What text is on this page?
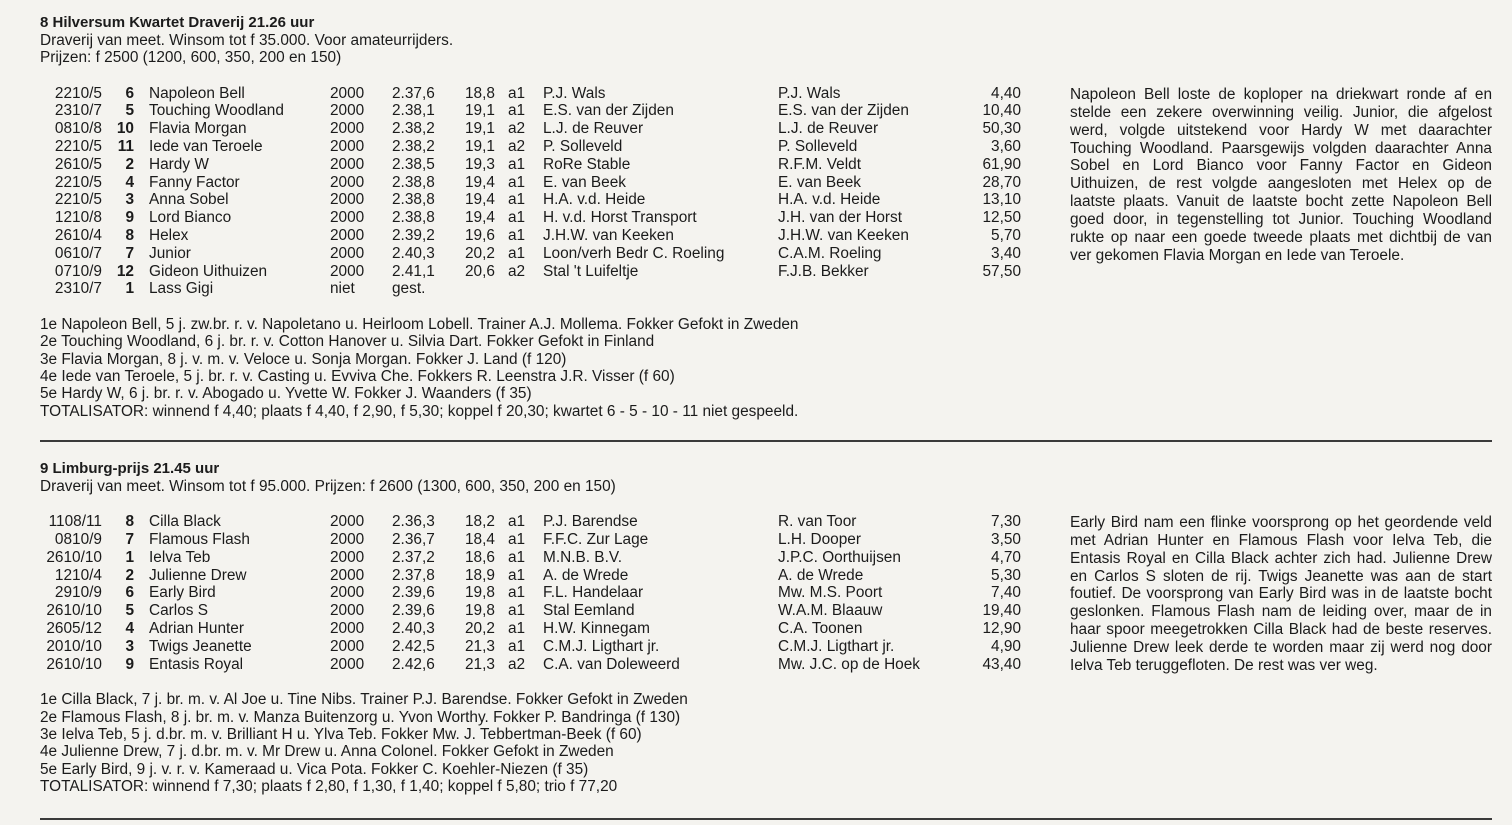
8 Hilversum Kwartet Draverij 21.26 uur
Draverij van meet. Winsom tot f 35.000. Voor amateurrijders.
Prijzen: f 2500 (1200, 600, 350, 200 en 150)
2210/5	6 Napoleon Bell	2000 2.37,6 18,8 a1 P.J. Wals	P.J. Wals	4,40
2310/7	5 Touching Woodland	2000 2.38,1 19,1 a1 E.S. van der Zijden	E.S. van der Zijden	10,40
0810/8 10 Flavia Morgan	2000 2.38,2 19,1 a2 L.J. de Reuver	L.J. de Reuver	50,30
2210/5	11 Iede van Teroele	2000 2.38,2 19,1 a2 P. Solleveld	P. Solleveld	3,60
2610/5	2 Hardy W	2000 2.38,5 19,3 a1 RoRe Stable	R.F.M. Veldt	61,90
2210/5	4 Fanny Factor	2000 2.38,8 19,4 a1 E. van Beek	E. van Beek	28,70
2210/5	3 Anna Sobel	2000 2.38,8 19,4 a1 H.A. v.d. Heide	H.A. v.d. Heide	13,10
1210/8	9 Lord Bianco	2000 2.38,8 19,4 a1 H. v.d. Horst Transport	J.H. van der Horst	12,50
2610/4	8 Helex	2000 2.39,2 19,6 a1 J.H.W. van Keeken	J.H.W. van Keeken	5,70
0610/7	7 Junior	2000 2.40,3 20,2 a1 Loon/verh Bedr C. Roeling	C.A.M. Roeling	3,40
0710/9 12 Gideon Uithuizen	2000 2.41,1 20,6 a2 Stal 't Luifeltje	F.J.B. Bekker	57,50
2310/7	1 Lass Gigi	niet gest.
1e Napoleon Bell, 5 j. zw.br. r. v. Napoletano u. Heirloom Lobell. Trainer A.J. Mollema. Fokker Gefokt in Zweden
2e Touching Woodland, 6 j. br. r. v. Cotton Hanover u. Silvia Dart. Fokker Gefokt in Finland
3e Flavia Morgan, 8 j. v. m. v. Veloce u. Sonja Morgan. Fokker J. Land (f 120)
4e Iede van Teroele, 5 j. br. r. v. Casting u. Evviva Che. Fokkers R. Leenstra J.R. Visser (f 60)
5e Hardy W, 6 j. br. r. v. Abogado u. Yvette W. Fokker J. Waanders (f 35)
TOTALISATOR: winnend f 4,40; plaats f 4,40, f 2,90, f 5,30; koppel f 20,30; kwartet 6 - 5 - 10 - 11 niet gespeeld.
Napoleon Bell loste de koploper na driekwart ronde af en stelde een zekere overwinning veilig. Junior, die afgelost werd, volgde uitstekend voor Hardy W met daarachter Touching Woodland. Paarsgewijs volgden daarachter Anna Sobel en Lord Bianco voor Fanny Factor en Gideon Uithuizen, de rest volgde aangesloten met Helex op de laatste plaats. Vanuit de laatste bocht zette Napoleon Bell goed door, in tegenstelling tot Junior. Touching Woodland rukte op naar een goede tweede plaats met dichtbij de van ver gekomen Flavia Morgan en Iede van Teroele.
9 Limburg-prijs 21.45 uur
Draverij van meet. Winsom tot f 95.000. Prijzen: f 2600 (1300, 600, 350, 200 en 150)
1108/11	8 Cilla Black	2000 2.36,3 18,2 a1 P.J. Barendse	R. van Toor	7,30
0810/9	7 Flamous Flash	2000 2.36,7 18,4 a1 F.F.C. Zur Lage	L.H. Dooper	3,50
2610/10	1 Ielva Teb	2000 2.37,2 18,6 a1 M.N.B. B.V.	J.P.C. Oorthuijsen	4,70
1210/4	2 Julienne Drew	2000 2.37,8 18,9 a1 A. de Wrede	A. de Wrede	5,30
2910/9	6 Early Bird	2000 2.39,6 19,8 a1 F.L. Handelaar	Mw. M.S. Poort	7,40
2610/10	5 Carlos S	2000 2.39,6 19,8 a1 Stal Eemland	W.A.M. Blaauw	19,40
2605/12	4 Adrian Hunter	2000 2.40,3 20,2 a1 H.W. Kinnegam	C.A. Toonen	12,90
2010/10	3 Twigs Jeanette	2000 2.42,5 21,3 a1 C.M.J. Ligthart jr.	C.M.J. Ligthart jr.	4,90
2610/10	9 Entasis Royal	2000 2.42,6 21,3 a2 C.A. van Doleweerd	Mw. J.C. op de Hoek	43,40
1e Cilla Black, 7 j. br. m. v. Al Joe u. Tine Nibs. Trainer P.J. Barendse. Fokker Gefokt in Zweden
2e Flamous Flash, 8 j. br. m. v. Manza Buitenzorg u. Yvon Worthy. Fokker P. Bandringa (f 130)
3e Ielva Teb, 5 j. d.br. m. v. Brilliant H u. Ylva Teb. Fokker Mw. J. Tebbertman-Beek (f 60)
4e Julienne Drew, 7 j. d.br. m. v. Mr Drew u. Anna Colonel. Fokker Gefokt in Zweden
5e Early Bird, 9 j. v. r. v. Kameraad u. Vica Pota. Fokker C. Koehler-Niezen (f 35)
TOTALISATOR: winnend f 7,30; plaats f 2,80, f 1,30, f 1,40; koppel f 5,80; trio f 77,20
Early Bird nam een flinke voorsprong op het geordende veld met Adrian Hunter en Flamous Flash voor Ielva Teb, die Entasis Royal en Cilla Black achter zich had. Julienne Drew en Carlos S sloten de rij. Twigs Jeanette was aan de start foutief. De voorsprong van Early Bird was in de laatste bocht geslonken. Flamous Flash nam de leiding over, maar de in haar spoor meegetrokken Cilla Black had de beste reserves. Julienne Drew leek derde te worden maar zij werd nog door Ielva Teb teruggefloten. De rest was ver weg.
